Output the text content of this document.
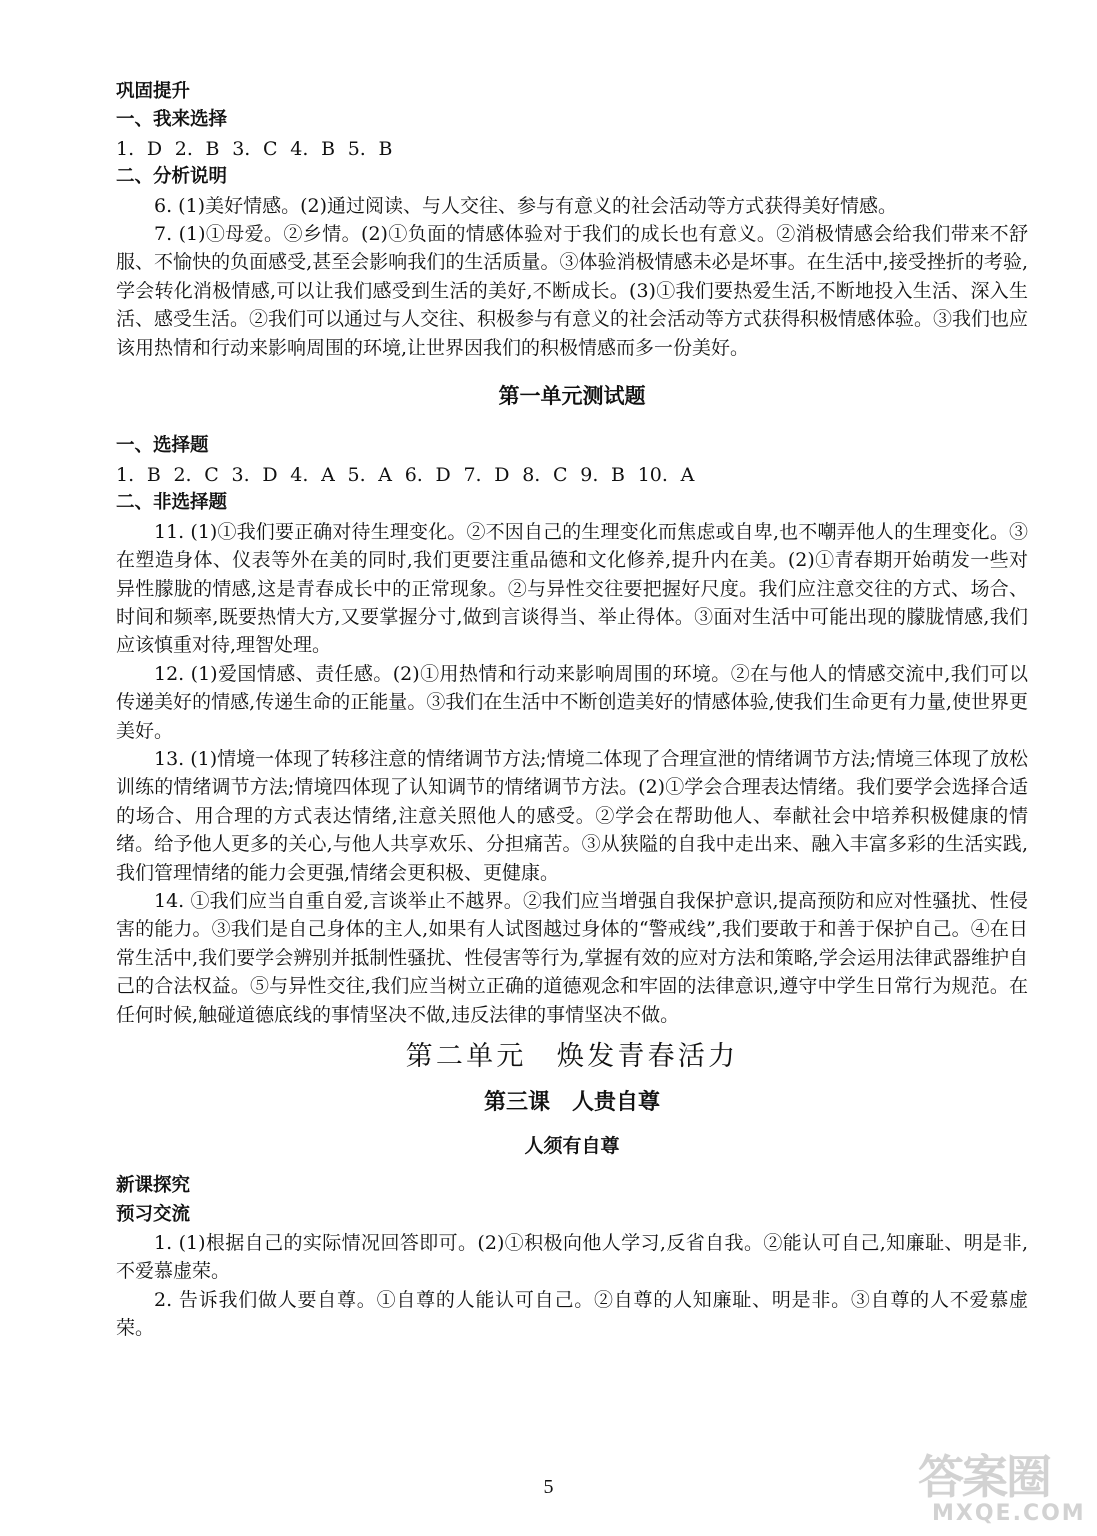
巩固提升

一、我来选择

1. D 2. B 3. C 4. B 5. B

二、分析说明

6. (1)美好情感。(2)通过阅读、与人交往、参与有意义的社会活动等方式获得美好情感。

7. (1)①母爱。②乡情。(2)①负面的情感体验对于我们的成长也有意义。②消极情感会给我们带来不舒服、不愉快的负面感受,甚至会影响我们的生活质量。③体验消极情感未必是坏事。在生活中,接受挫折的考验,学会转化消极情感,可以让我们感受到生活的美好,不断成长。(3)①我们要热爱生活,不断地投入生活、深入生活、感受生活。②我们可以通过与人交往、积极参与有意义的社会活动等方式获得积极情感体验。③我们也应该用热情和行动来影响周围的环境,让世界因我们的积极情感而多一份美好。

第一单元测试题

一、选择题

1. B 2. C 3. D 4. A 5. A 6. D 7. D 8. C 9. B 10. A

二、非选择题

11. (1)①我们要正确对待生理变化。②不因自己的生理变化而焦虑或自卑,也不嘲弄他人的生理变化。③在塑造身体、仪表等外在美的同时,我们更要注重品德和文化修养,提升内在美。(2)①青春期开始萌发一些对异性朦胧的情感,这是青春成长中的正常现象。②与异性交往要把握好尺度。我们应注意交往的方式、场合、时间和频率,既要热情大方,又要掌握分寸,做到言谈得当、举止得体。③面对生活中可能出现的朦胧情感,我们应该慎重对待,理智处理。

12. (1)爱国情感、责任感。(2)①用热情和行动来影响周围的环境。②在与他人的情感交流中,我们可以传递美好的情感,传递生命的正能量。③我们在生活中不断创造美好的情感体验,使我们生命更有力量,使世界更美好。

13. (1)情境一体现了转移注意的情绪调节方法;情境二体现了合理宣泄的情绪调节方法;情境三体现了放松训练的情绪调节方法;情境四体现了认知调节的情绪调节方法。(2)①学会合理表达情绪。我们要学会选择合适的场合、用合理的方式表达情绪,注意关照他人的感受。②学会在帮助他人、奉献社会中培养积极健康的情绪。给予他人更多的关心,与他人共享欢乐、分担痛苦。③从狭隘的自我中走出来、融入丰富多彩的生活实践,我们管理情绪的能力会更强,情绪会更积极、更健康。

14. ①我们应当自重自爱,言谈举止不越界。②我们应当增强自我保护意识,提高预防和应对性骚扰、性侵害的能力。③我们是自己身体的主人,如果有人试图越过身体的“警戒线”,我们要敢于和善于保护自己。④在日常生活中,我们要学会辨别并抵制性骚扰、性侵害等行为,掌握有效的应对方法和策略,学会运用法律武器维护自己的合法权益。⑤与异性交往,我们应当树立正确的道德观念和牢固的法律意识,遵守中学生日常行为规范。在任何时候,触碰道德底线的事情坚决不做,违反法律的事情坚决不做。

第二单元　焕发青春活力
第三课　人贵自尊
人须有自尊

新课探究

预习交流

1. (1)根据自己的实际情况回答即可。(2)①积极向他人学习,反省自我。②能认可自己,知廉耻、明是非,不爱慕虚荣。

2. 告诉我们做人要自尊。①自尊的人能认可自己。②自尊的人知廉耻、明是非。③自尊的人不爱慕虚荣。

5	答案圈
MXQE.COM
